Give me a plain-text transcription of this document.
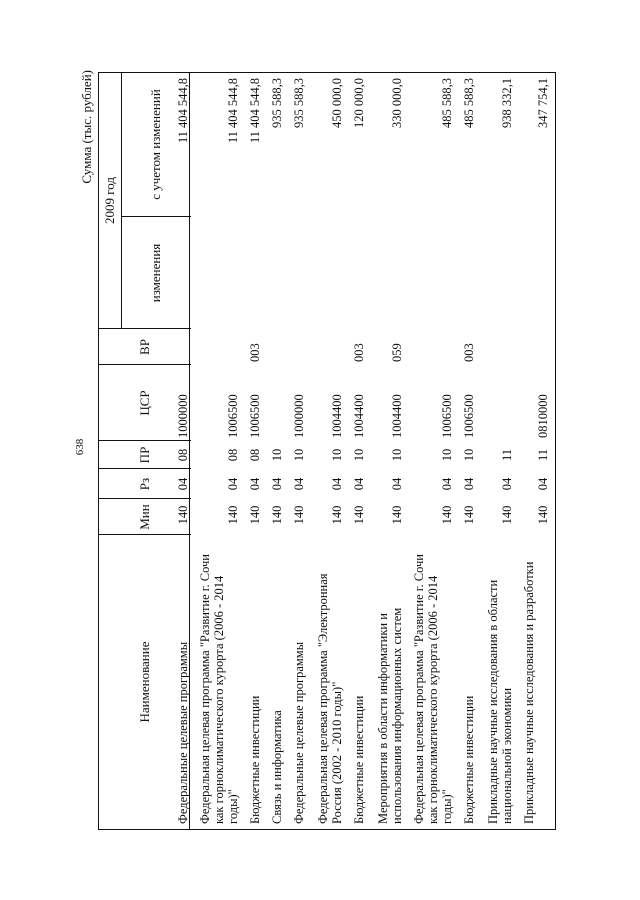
638
Сумма (тыс. рублей)
Наименование
Мин
Рз
ПР
ЦСР
ВР
2009 год
изменения
с учетом изменений
Федеральные целевые программы
140
04
08
1000000
11 404 544,8
Федеральная целевая программа "Развитие г. Сочи как горноклиматического курорта (2006 - 2014 годы)"
140
04
08
1006500
11 404 544,8
Бюджетные инвестиции
140
04
08
1006500
003
11 404 544,8
Связь и информатика
140
04
10
935 588,3
Федеральные целевые программы
140
04
10
1000000
935 588,3
Федеральная целевая программа "Электронная Россия (2002 - 2010 годы)"
140
04
10
1004400
450 000,0
Бюджетные инвестиции
140
04
10
1004400
003
120 000,0
Мероприятия в области информатики и использования информационных систем
140
04
10
1004400
059
330 000,0
Федеральная целевая программа "Развитие г. Сочи как горноклиматического курорта (2006 - 2014 годы)"
140
04
10
1006500
485 588,3
Бюджетные инвестиции
140
04
10
1006500
003
485 588,3
Прикладные научные исследования в области национальной экономики
140
04
11
938 332,1
Прикладные научные исследования и разработки
140
04
11
0810000
347 754,1
